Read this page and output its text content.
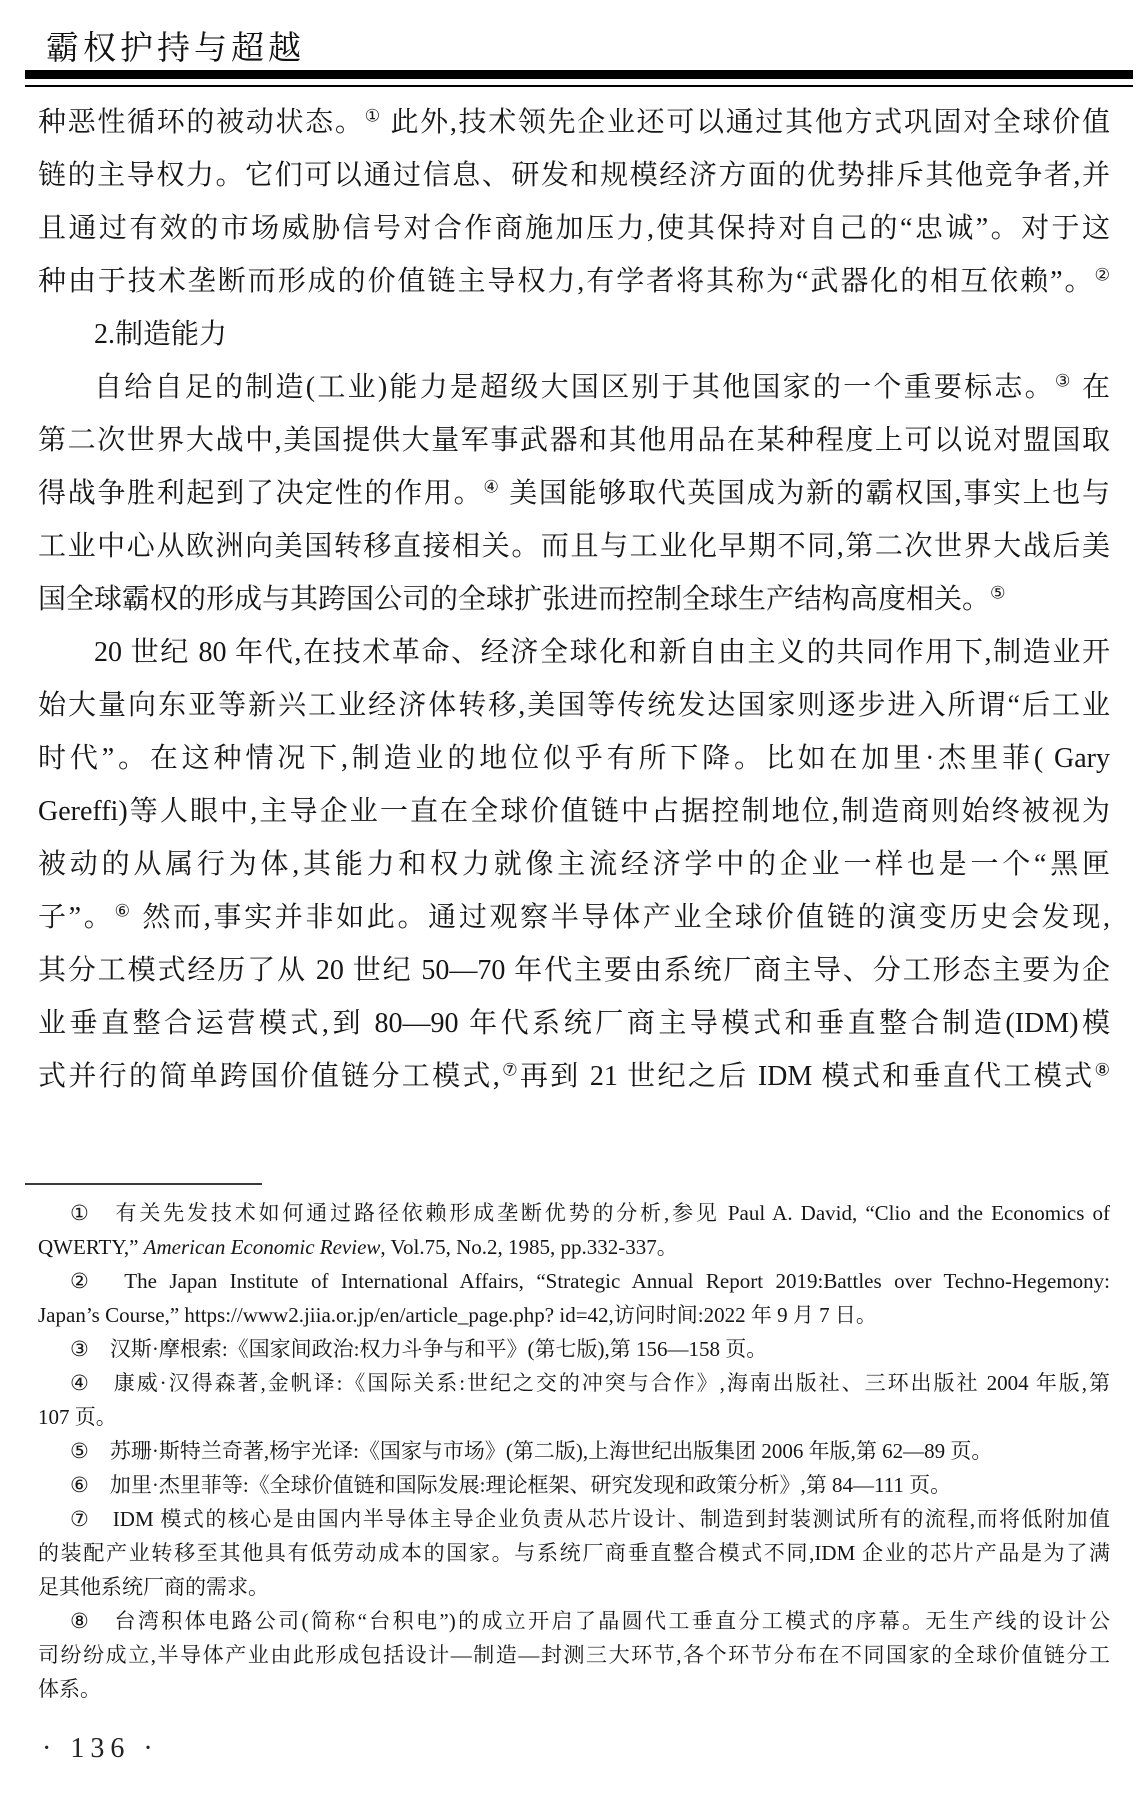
霸权护持与超越
种恶性循环的被动状态。① 此外,技术领先企业还可以通过其他方式巩固对全球价值
链的主导权力。它们可以通过信息、研发和规模经济方面的优势排斥其他竞争者,并
且通过有效的市场威胁信号对合作商施加压力,使其保持对自己的“忠诚”。对于这
种由于技术垄断而形成的价值链主导权力,有学者将其称为“武器化的相互依赖”。②
2.制造能力
自给自足的制造(工业)能力是超级大国区别于其他国家的一个重要标志。③ 在
第二次世界大战中,美国提供大量军事武器和其他用品在某种程度上可以说对盟国取
得战争胜利起到了决定性的作用。④ 美国能够取代英国成为新的霸权国,事实上也与
工业中心从欧洲向美国转移直接相关。而且与工业化早期不同,第二次世界大战后美
国全球霸权的形成与其跨国公司的全球扩张进而控制全球生产结构高度相关。⑤
20 世纪 80 年代,在技术革命、经济全球化和新自由主义的共同作用下,制造业开
始大量向东亚等新兴工业经济体转移,美国等传统发达国家则逐步进入所谓“后工业
时代”。在这种情况下,制造业的地位似乎有所下降。比如在加里·杰里菲( Gary
Gereffi)等人眼中,主导企业一直在全球价值链中占据控制地位,制造商则始终被视为
被动的从属行为体,其能力和权力就像主流经济学中的企业一样也是一个“黑匣
子”。⑥ 然而,事实并非如此。通过观察半导体产业全球价值链的演变历史会发现,
其分工模式经历了从 20 世纪 50—70 年代主要由系统厂商主导、分工形态主要为企
业垂直整合运营模式,到 80—90 年代系统厂商主导模式和垂直整合制造(IDM)模
式并行的简单跨国价值链分工模式,⑦再到 21 世纪之后 IDM 模式和垂直代工模式⑧
①　有关先发技术如何通过路径依赖形成垄断优势的分析,参见 Paul A. David, “Clio and the Economics of
QWERTY,” American Economic Review, Vol.75, No.2, 1985, pp.332-337。
②　The Japan Institute of International Affairs, “Strategic Annual Report 2019:Battles over Techno-Hegemony:
Japan’s Course,” https://www2.jiia.or.jp/en/article_page.php? id=42,访问时间:2022 年 9 月 7 日。
③　汉斯·摩根索:《国家间政治:权力斗争与和平》(第七版),第 156—158 页。
④　康威·汉得森著,金帆译:《国际关系:世纪之交的冲突与合作》,海南出版社、三环出版社 2004 年版,第
107 页。
⑤　苏珊·斯特兰奇著,杨宇光译:《国家与市场》(第二版),上海世纪出版集团 2006 年版,第 62—89 页。
⑥　加里·杰里菲等:《全球价值链和国际发展:理论框架、研究发现和政策分析》,第 84—111 页。
⑦　IDM 模式的核心是由国内半导体主导企业负责从芯片设计、制造到封装测试所有的流程,而将低附加值
的装配产业转移至其他具有低劳动成本的国家。与系统厂商垂直整合模式不同,IDM 企业的芯片产品是为了满
足其他系统厂商的需求。
⑧　台湾积体电路公司(简称“台积电”)的成立开启了晶圆代工垂直分工模式的序幕。无生产线的设计公
司纷纷成立,半导体产业由此形成包括设计—制造—封测三大环节,各个环节分布在不同国家的全球价值链分工
体系。
· 136 ·
